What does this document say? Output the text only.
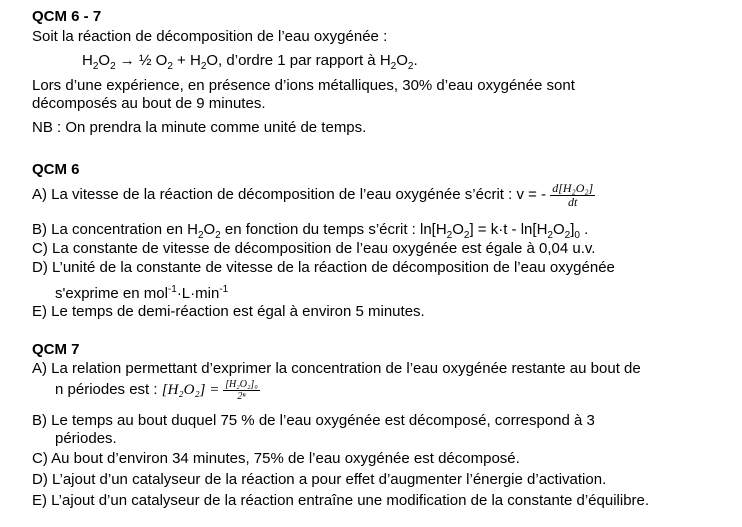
QCM 6 - 7
Soit la réaction de décomposition de l’eau oxygénée :
$H_2O_2$ → ½ $O_2 + H_2O$, d’ordre 1 par rapport à $H_2O_2$.
Lors d’une expérience, en présence d’ions métalliques, 30% d’eau oxygénée sont
décomposés au bout de 9 minutes.
NB : On prendra la minute comme unité de temps.
QCM 6
A) La vitesse de la réaction de décomposition de l’eau oxygénée s’écrit : v = - $\frac{\text{d[H₂O₂]}}{dt}$
B) La concentration en $H_2O_2$ en fonction du temps s’écrit : $\ln[H_2O_2] = k\cdot t - \ln[H_2O_2]_0$ .
C) La constante de vitesse de décomposition de l’eau oxygénée est égale à 0,04 u.v.
D) L’unité de la constante de vitesse de la réaction de décomposition de l’eau oxygénée
s'exprime en $mol^{-1}\cdot L\cdot\min^{-1}$
E) Le temps de demi-réaction est égal à environ 5 minutes.
QCM 7
A) La relation permettant d’exprimer la concentration de l’eau oxygénée restante au bout de
n périodes est : $[H_2O_2] = \frac{\text{[H₂O₂]₀}}{\text{2ⁿ}}$
B) Le temps au bout duquel 75 % de l’eau oxygénée est décomposé, correspond à 3
périodes.
C) Au bout d’environ 34 minutes, 75% de l’eau oxygénée est décomposé.
D) L’ajout d’un catalyseur de la réaction a pour effet d’augmenter l’énergie d’activation.
E) L’ajout d’un catalyseur de la réaction entraîne une modification de la constante d’équilibre.
